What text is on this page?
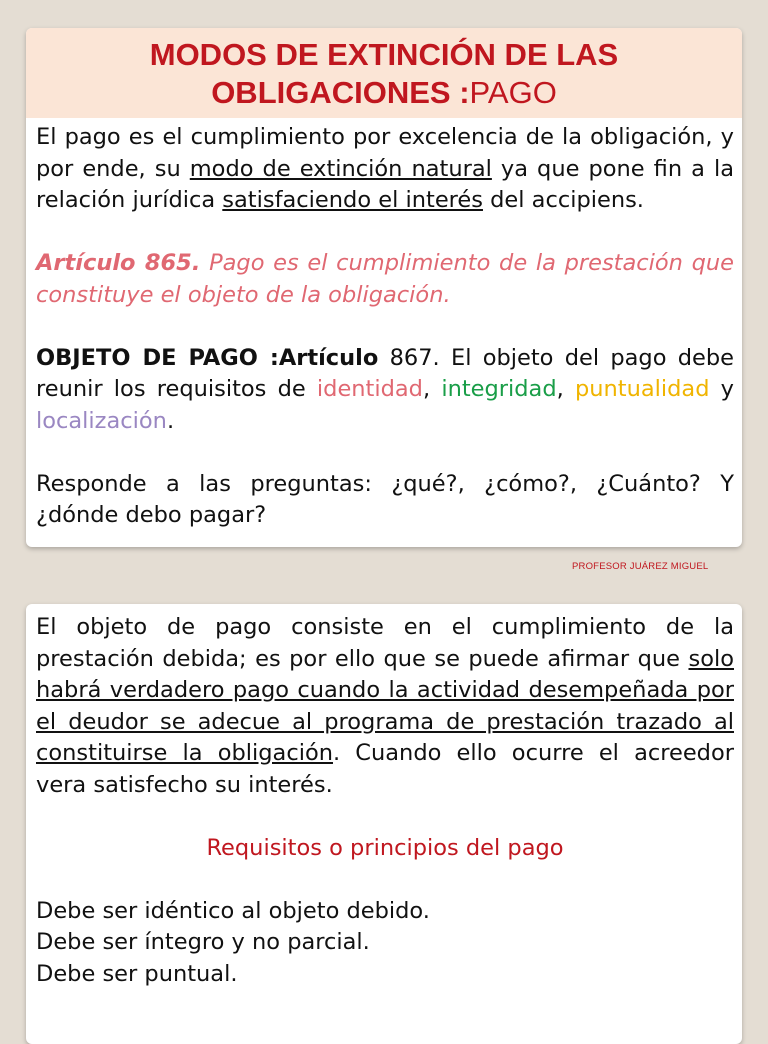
MODOS DE EXTINCIÓN DE LAS
OBLIGACIONES :PAGO

El pago es el cumplimiento por excelencia de la obligación, y por ende, su modo de extinción natural ya que pone fin a la relación jurídica satisfaciendo el interés del accipiens.

Artículo 865. Pago es el cumplimiento de la prestación que constituye el objeto de la obligación.

OBJETO DE PAGO :Artículo 867. El objeto del pago debe reunir los requisitos de identidad, integridad, puntualidad y localización.

Responde a las preguntas: ¿qué?, ¿cómo?, ¿Cuánto? Y ¿dónde debo pagar?

PROFESOR JUÁREZ MIGUEL

El objeto de pago consiste en el cumplimiento de la prestación debida; es por ello que se puede afirmar que solo habrá verdadero pago cuando la actividad desempeñada por el deudor se adecue al programa de prestación trazado al constituirse la obligación. Cuando ello ocurre el acreedor vera satisfecho su interés.

Requisitos o principios del pago

Debe ser idéntico al objeto debido.

Debe ser íntegro y no parcial.

Debe ser puntual.
